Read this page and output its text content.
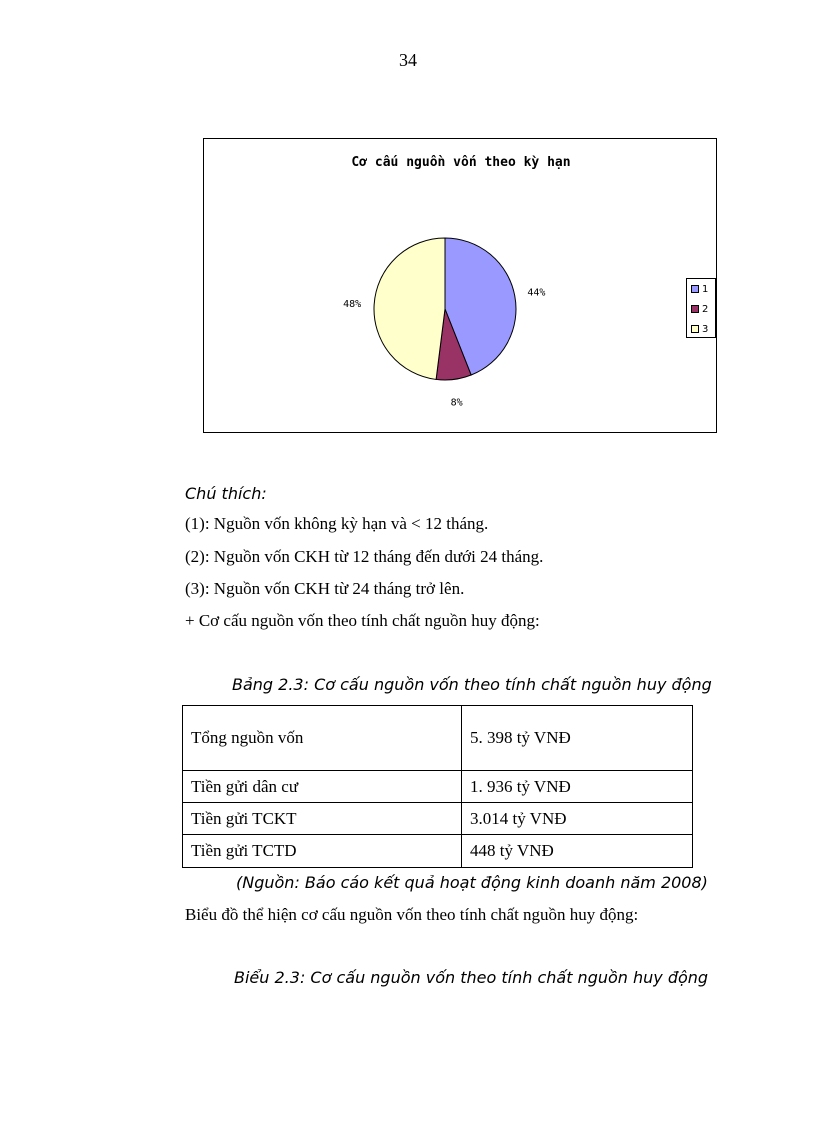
34
Cơ cấu nguồn vốn theo kỳ hạn
44%
8%
48%
1
2
3
Chú thích:
(1): Nguồn vốn không kỳ hạn và < 12 tháng.
(2): Nguồn vốn CKH từ 12 tháng đến dưới 24 tháng.
(3): Nguồn vốn CKH từ 24 tháng trở lên.
+ Cơ cấu nguồn vốn theo tính chất nguồn huy động:
Bảng 2.3: Cơ cấu nguồn vốn theo tính chất nguồn huy động
Tổng nguồn vốn	5. 398 tỷ VNĐ
Tiền gửi dân cư	1. 936 tỷ VNĐ
Tiền gửi TCKT	3.014 tỷ VNĐ
Tiền gửi TCTD	448 tỷ VNĐ
(Nguồn: Báo cáo kết quả hoạt động kinh doanh năm 2008)
Biểu đồ thể hiện cơ cấu nguồn vốn theo tính chất nguồn huy động:
Biểu 2.3: Cơ cấu nguồn vốn theo tính chất nguồn huy động
